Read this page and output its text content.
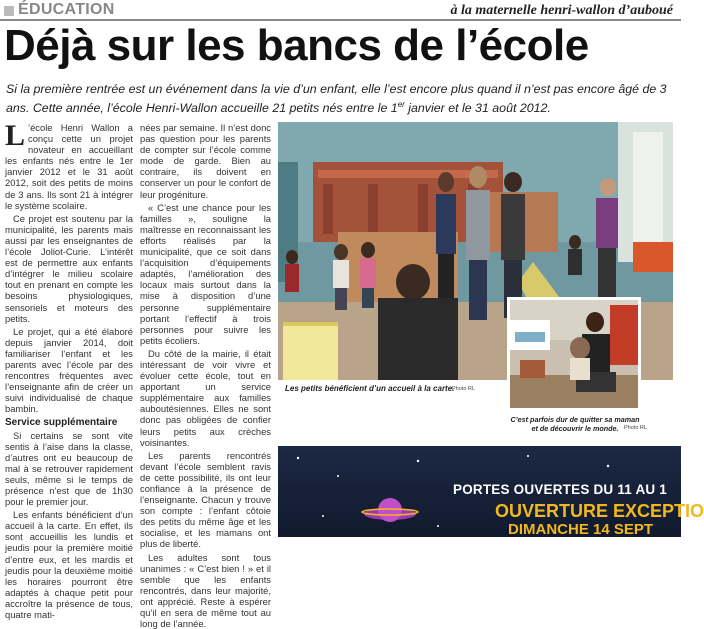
ÉDUCATION	à la maternelle henri-wallon d’auboué
Déjà sur les bancs de l’école
Si la première rentrée est un événement dans la vie d’un enfant, elle l’est encore plus quand il n’est pas encore âgé de 3 ans. Cette année, l’école Henri-Wallon accueille 21 petits nés entre le 1er janvier et le 31 août 2012.

L ’école Henri Wallon a conçu cette un projet novateur en accueillant les enfants nés entre le 1er janvier 2012 et le 31 août 2012, soit des petits de moins de 3 ans. Ils sont 21 à intégrer le système scolaire.

Ce projet est soutenu par la municipalité, les parents mais aussi par les enseignantes de l’école Joliot-Curie. L’intérêt est de permettre aux enfants d’intégrer le milieu scolaire tout en prenant en compte les besoins physiologiques, sensoriels et moteurs des petits.

Le projet, qui a été élaboré depuis janvier 2014, doit familiariser l’enfant et les parents avec l’école par des rencontres fréquentes avec l’enseignante afin de créer un suivi individualisé de chaque bambin.

Service supplémentaire

Si certains se sont vite sentis à l’aise dans la classe, d’autres ont eu beaucoup de mal à se retrouver rapidement seuls, même si le temps de présence n’est que de 1h30 pour le premier jour.

Les enfants bénéficient d’un accueil à la carte. En effet, ils sont accueillis les lundis et jeudis pour la première moitié d’entre eux, et les mardis et jeudis pour la deuxième moitié les horaires pourront être adaptés à chaque petit pour accroître la présence de tous, quatre mati-

nées par semaine. Il n’est donc pas question pour les parents de compter sur l’école comme mode de garde. Bien au contraire, ils doivent en conserver un pour le confort de leur progéniture.

« C’est une chance pour les familles », souligne la maîtresse en reconnaissant les efforts réalisés par la municipalité, que ce soit dans l’acquisition d’équipements adaptés, l’amélioration des locaux mais surtout dans la mise à disposition d’une personne supplémentaire portant l’effectif à trois personnes pour suivre les petits écoliers.

Du côté de la mairie, il était intéressant de voir vivre et évoluer cette école, tout en apportant un service supplémentaire aux familles auboutésiennes. Elles ne sont donc pas obligées de confier leurs petits aux crèches voisinantes.

Les parents rencontrés devant l’école semblent ravis de cette possibilité, ils ont leur confiance à la présence de l’enseignante. Chacun y trouve son compte : l’enfant côtoie des petits du même âge et les socialise, et les mamans ont plus de liberté.

Les adultes sont tous unanimes : « C’est bien ! » et il semble que les enfants rencontrés, dans leur majorité, ont apprécié. Reste à espérer qu’il en sera de même tout au long de l’année.

Les petits bénéficient d’un accueil à la carte.
Photo RL
C’est parfois dur de quitter sa maman et de découvrir le monde. Photo RL
PORTES OUVERTES DU 11 AU 1
OUVERTURE EXCEPTIO
DIMANCHE 14 SEPT
